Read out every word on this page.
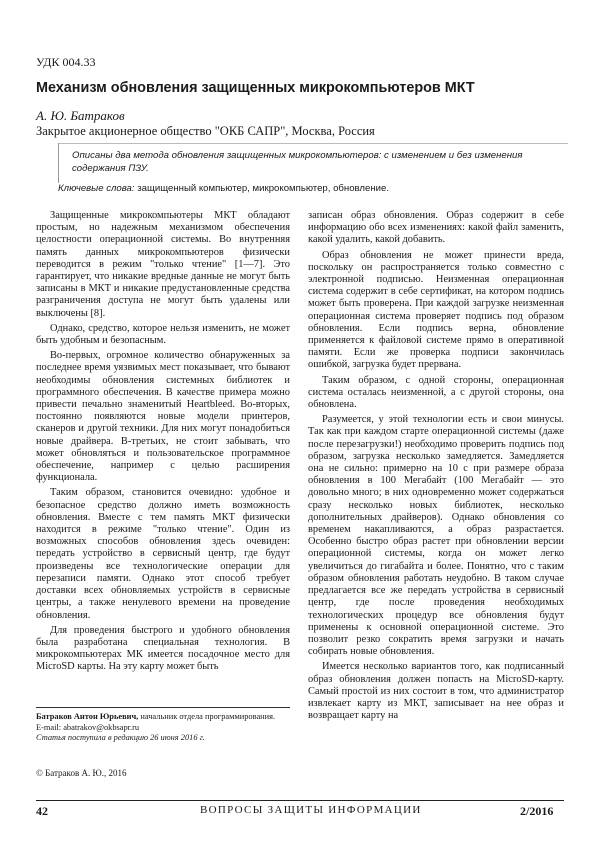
УДК 004.33
Механизм обновления защищенных микрокомпьютеров МКТ
А. Ю. Батраков
Закрытое акционерное общество "ОКБ САПР", Москва, Россия
Описаны два метода обновления защищенных микрокомпьютеров: с изменением и без изменения содержания ПЗУ.
Ключевые слова: защищенный компьютер, микрокомпьютер, обновление.

Защищенные микрокомпьютеры МКТ обладают простым, но надежным механизмом обеспечения целостности операционной системы. Во внутренняя память данных микрокомпьютеров физически переводится в режим "только чтение" [1—7]. Это гарантирует, что никакие вредные данные не могут быть записаны в МКТ и никакие предустановленные средства разграничения доступа не могут быть удалены или выключены [8].

Однако, средство, которое нельзя изменить, не может быть удобным и безопасным.

Во-первых, огромное количество обнаруженных за последнее время уязвимых мест показывает, что бывают необходимы обновления системных библиотек и программного обеспечения. В качестве примера можно привести печально знаменитый Heartbleed. Во-вторых, постоянно появляются новые модели принтеров, сканеров и другой техники. Для них могут понадобиться новые драйвера. В-третьих, не стоит забывать, что может обновляться и пользовательское программное обеспечение, например с целью расширения функционала.

Таким образом, становится очевидно: удобное и безопасное средство должно иметь возможность обновления. Вместе с тем память МКТ физически находится в режиме "только чтение". Один из возможных способов обновления здесь очевиден: передать устройство в сервисный центр, где будут произведены все технологические операции для перезаписи памяти. Однако этот способ требует доставки всех обновляемых устройств в сервисные центры, а также ненулевого времени на проведение обновления.

Для проведения быстрого и удобного обновления была разработана специальная технология. В микрокомпьютерах МК имеется посадочное место для MicroSD карты. На эту карту может быть

записан образ обновления. Образ содержит в себе информацию обо всех изменениях: какой файл заменить, какой удалить, какой добавить.

Образ обновления не может принести вреда, поскольку он распространяется только совместно с электронной подписью. Неизменная операционная система содержит в себе сертификат, на котором подпись может быть проверена. При каждой загрузке неизменная операционная система проверяет подпись под образом обновления. Если подпись верна, обновление применяется к файловой системе прямо в оперативной памяти. Если же проверка подписи закончилась ошибкой, загрузка будет прервана.

Таким образом, с одной стороны, операционная система осталась неизменной, а с другой стороны, она обновлена.

Разумеется, у этой технологии есть и свои минусы. Так как при каждом старте операционной системы (даже после перезагрузки!) необходимо проверить подпись под образом, загрузка несколько замедляется. Замедляется она не сильно: примерно на 10 с при размере образа обновления в 100 Мегабайт (100 Мегабайт — это довольно много; в них одновременно может содержаться сразу несколько новых библиотек, несколько дополнительных драйверов). Однако обновления со временем накапливаются, а образ разрастается. Особенно быстро образ растет при обновлении версии операционной системы, когда он может легко увеличиться до гигабайта и более. Понятно, что с таким образом обновления работать неудобно. В таком случае предлагается все же передать устройства в сервисный центр, где после проведения необходимых технологических процедур все обновления будут применены к основной операционной системе. Это позволит резко сократить время загрузки и начать собирать новые обновления.

Имеется несколько вариантов того, как подписанный образ обновления должен попасть на MicroSD-карту. Самый простой из них состоит в том, что администратор извлекает карту из МКТ, записывает на нее образ и возвращает карту на

Батраков Антон Юрьевич, начальник отдела программирования.
E-mail: abatrakov@okbsapr.ru
Статья поступила в редакцию 26 июня 2016 г.
© Батраков А. Ю., 2016
42	ВОПРОСЫ ЗАЩИТЫ ИНФОРМАЦИИ	2/2016
